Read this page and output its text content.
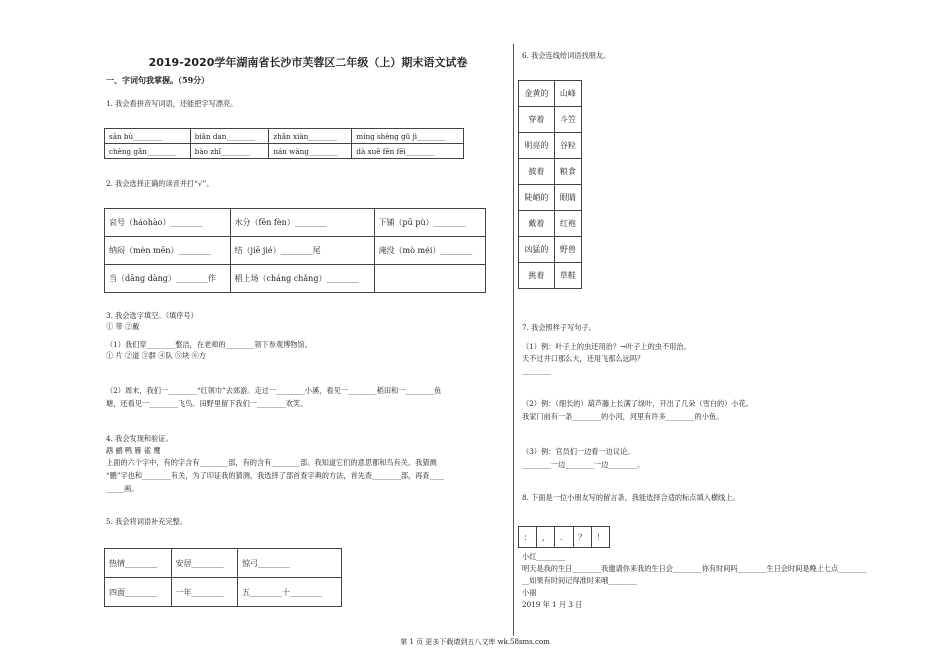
2019-2020学年湖南省长沙市芙蓉区二年级（上）期末语文试卷
一、字词句我掌握。（59分）
1. 我会看拼音写词语，还能把字写漂亮。
sān bù________	biān dan________	zhǎn xiàn________	míng shèng gǔ jì________
chèng gǎn________	bào zhǐ________	nán wàng________	dà xuě fēn fēi________
2. 我会选择正确的读音并打“√”。
哀号（háohào）________	水分（fēn fèn）________	下铺（pū pù）________
纳闷（mèn mēn）________	结（jiē jié）________尾	淹没（mò méi）________
当（dāng dàng）________作	稻上场（cháng chǎng）________	
3. 我会选字填空。（填序号）
① 带 ②戴
（1）我们穿________整洁，在老师的________领下参观博物馆。
① 片 ②道 ③群 ④队 ⑤块 ⑥方
（2）周末，我们一________“红领巾”去郊游。走过一________小溪，看见一________稻田和一________鱼
塘，还看见一________飞鸟。田野里留下我们一________欢笑。
4. 我会发现和验证。
鹉 鹂 鸭 雁 雀 鹰
上面的六个字中，有的字含有________部，有的含有________部。我知道它们的意思都和鸟有关。我猜测
“鹏”字也和________有关，为了印证我的猜测，我选择了部首查字典的方法，首先查________部，再查____
_____画。
5. 我会将词语补充完整。
热情________	安居________	惊弓________
四面________	一年________	五________十________
6. 我会连线给词语找朋友。
金黄的	山峰
穿着	斗笠
明亮的	谷粒
披着	粮食
陡峭的	眼睛
戴着	红袍
凶猛的	野兽
挑着	草鞋
7. 我会照样子写句子。
（1）例：叶子上的虫还用治？→叶子上的虫不用治。
天不过井口那么大，还用飞那么远吗？
________
（2）例：（细长的）葫芦藤上长满了绿叶，开出了几朵（雪白的）小花。
我家门前有一条________的小河，河里有许多________的小鱼。
（3）例：官员们一边看一边议论。
________一边________一边________。
8. 下面是一位小朋友写的留言条，我能选择合适的标点填入横线上。
：	，	．	？	！
小红________
明天是我的生日________我邀请你来我的生日会________你有时间吗________生日会时间是晚上七点________
__如果有时间记得准时来哦________
小丽
2019 年 1 月 3 日
第 1 页 更多下载请到五八文库 wk.58sms.com
